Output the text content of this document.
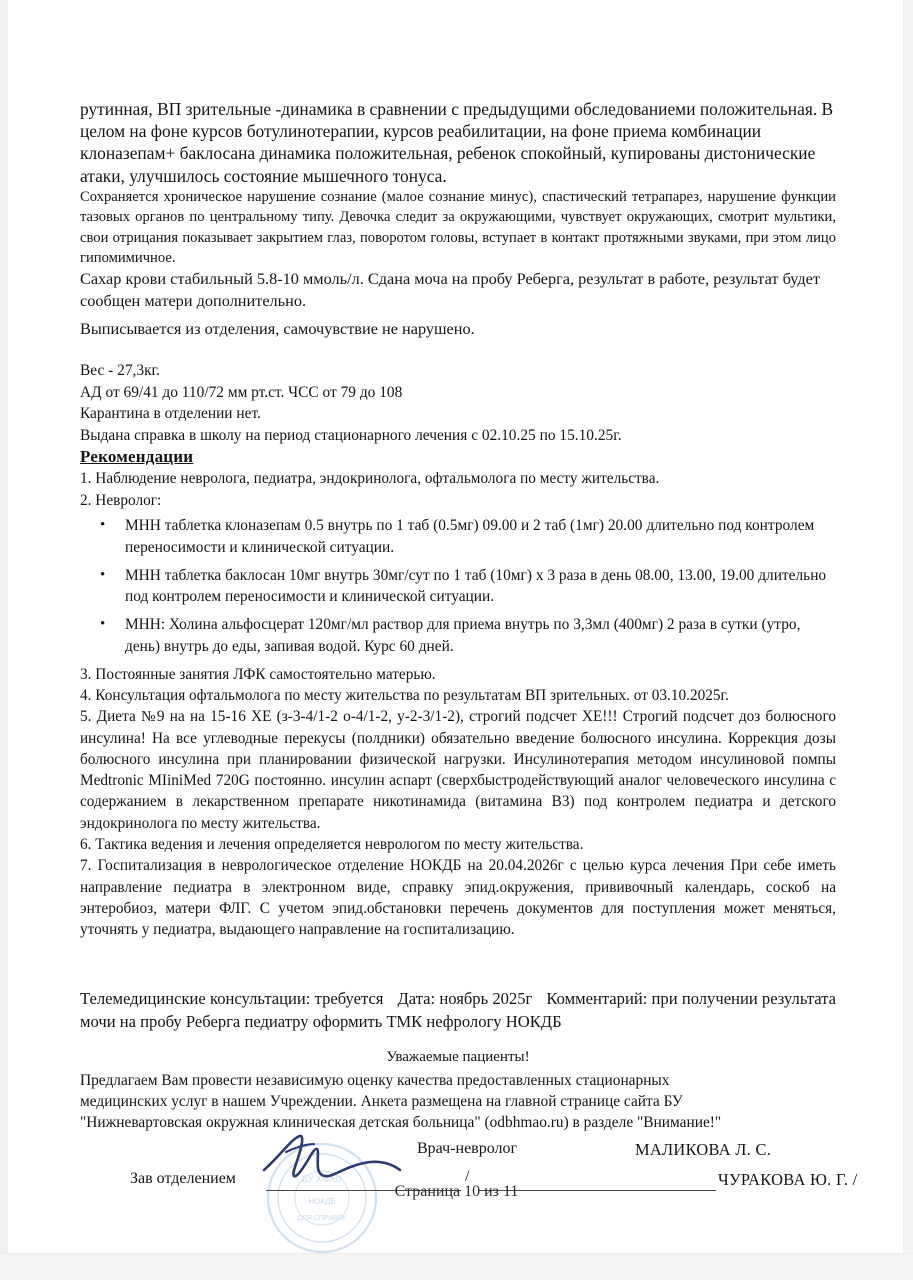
рутинная, ВП зрительные -динамика в сравнении с предыдущими обследованиеми положительная. В целом на фоне курсов ботулинотерапии, курсов реабилитации, на фоне приема комбинации клоназепам+ баклосана динамика положительная, ребенок спокойный, купированы дистонические атаки, улучшилось состояние мышечного тонуса.

Сохраняется хроническое нарушение сознание (малое сознание минус), спастический тетрапарез, нарушение функции тазовых органов по центральному типу. Девочка следит за окружающими, чувствует окружающих, смотрит мультики, свои отрицания показывает закрытием глаз, поворотом головы, вступает в контакт протяжными звуками, при этом лицо гипомимичное.

Сахар крови стабильный 5.8-10 ммоль/л. Сдана моча на пробу Реберга, результат в работе, результат будет сообщен матери дополнительно.

Выписывается из отделения, самочувствие не нарушено.

Вес - 27,3кг.

АД от 69/41 до 110/72 мм рт.ст. ЧСС от 79 до 108

Карантина в отделении нет.

Выдана справка в школу на период стационарного лечения с 02.10.25 по 15.10.25г.

Рекомендации

1. Наблюдение невролога, педиатра, эндокринолога, офтальмолога по месту жительства.

2. Невролог:

• МНН таблетка клоназепам 0.5 внутрь по 1 таб (0.5мг) 09.00 и 2 таб (1мг) 20.00 длительно под контролем переносимости и клинической ситуации.
• МНН таблетка баклосан 10мг внутрь 30мг/сут по 1 таб (10мг) х 3 раза в день 08.00, 13.00, 19.00 длительно под контролем переносимости и клинической ситуации.
• МНН: Холина альфосцерат 120мг/мл раствор для приема внутрь по 3,3мл (400мг) 2 раза в сутки (утро, день) внутрь до еды, запивая водой. Курс 60 дней.

3. Постоянные занятия ЛФК самостоятельно матерью.

4. Консультация офтальмолога по месту жительства по результатам ВП зрительных. от 03.10.2025г.

5. Диета №9 на на 15-16 ХЕ (з-3-4/1-2 о-4/1-2, у-2-3/1-2), строгий подсчет ХЕ!!! Строгий подсчет доз болюсного инсулина! На все углеводные перекусы (полдники) обязательно введение болюсного инсулина. Коррекция дозы болюсного инсулина при планировании физической нагрузки. Инсулинотерапия методом инсулиновой помпы Medtronic MIiniMed 720G постоянно. инсулин аспарт (сверхбыстродействующий аналог человеческого инсулина с содержанием в лекарственном препарате никотинамида (витамина В3) под контролем педиатра и детского эндокринолога по месту жительства.

6. Тактика ведения и лечения определяется неврологом по месту жительства.

7. Госпитализация в неврологическое отделение НОКДБ на 20.04.2026г с целью курса лечения При себе иметь направление педиатра в электронном виде, справку эпид.окружения, прививочный календарь, соскоб на энтеробиоз, матери ФЛГ. С учетом эпид.обстановки перечень документов для поступления может меняться, уточнять у педиатра, выдающего направление на госпитализацию.

Телемедицинские консультации: требуется Дата: ноябрь 2025г Комментарий: при получении результата мочи на пробу Реберга педиатру оформить ТМК нефрологу НОКДБ

Уважаемые пациенты!

Предлагаем Вам провести независимую оценку качества предоставленных стационарных

медицинских услуг в нашем Учреждении. Анкета размещена на главной странице сайта БУ

"Нижневартовская окружная клиническая детская больница" (odbhmao.ru) в разделе "Внимание!"

БУ ХМАО
НОКДБ
ДЛЯ СПРАВОК
Врач-невролог	МАЛИКОВА Л. С.
Зав отделением	/	ЧУРАКОВА Ю. Г. /
Страница 10 из 11
